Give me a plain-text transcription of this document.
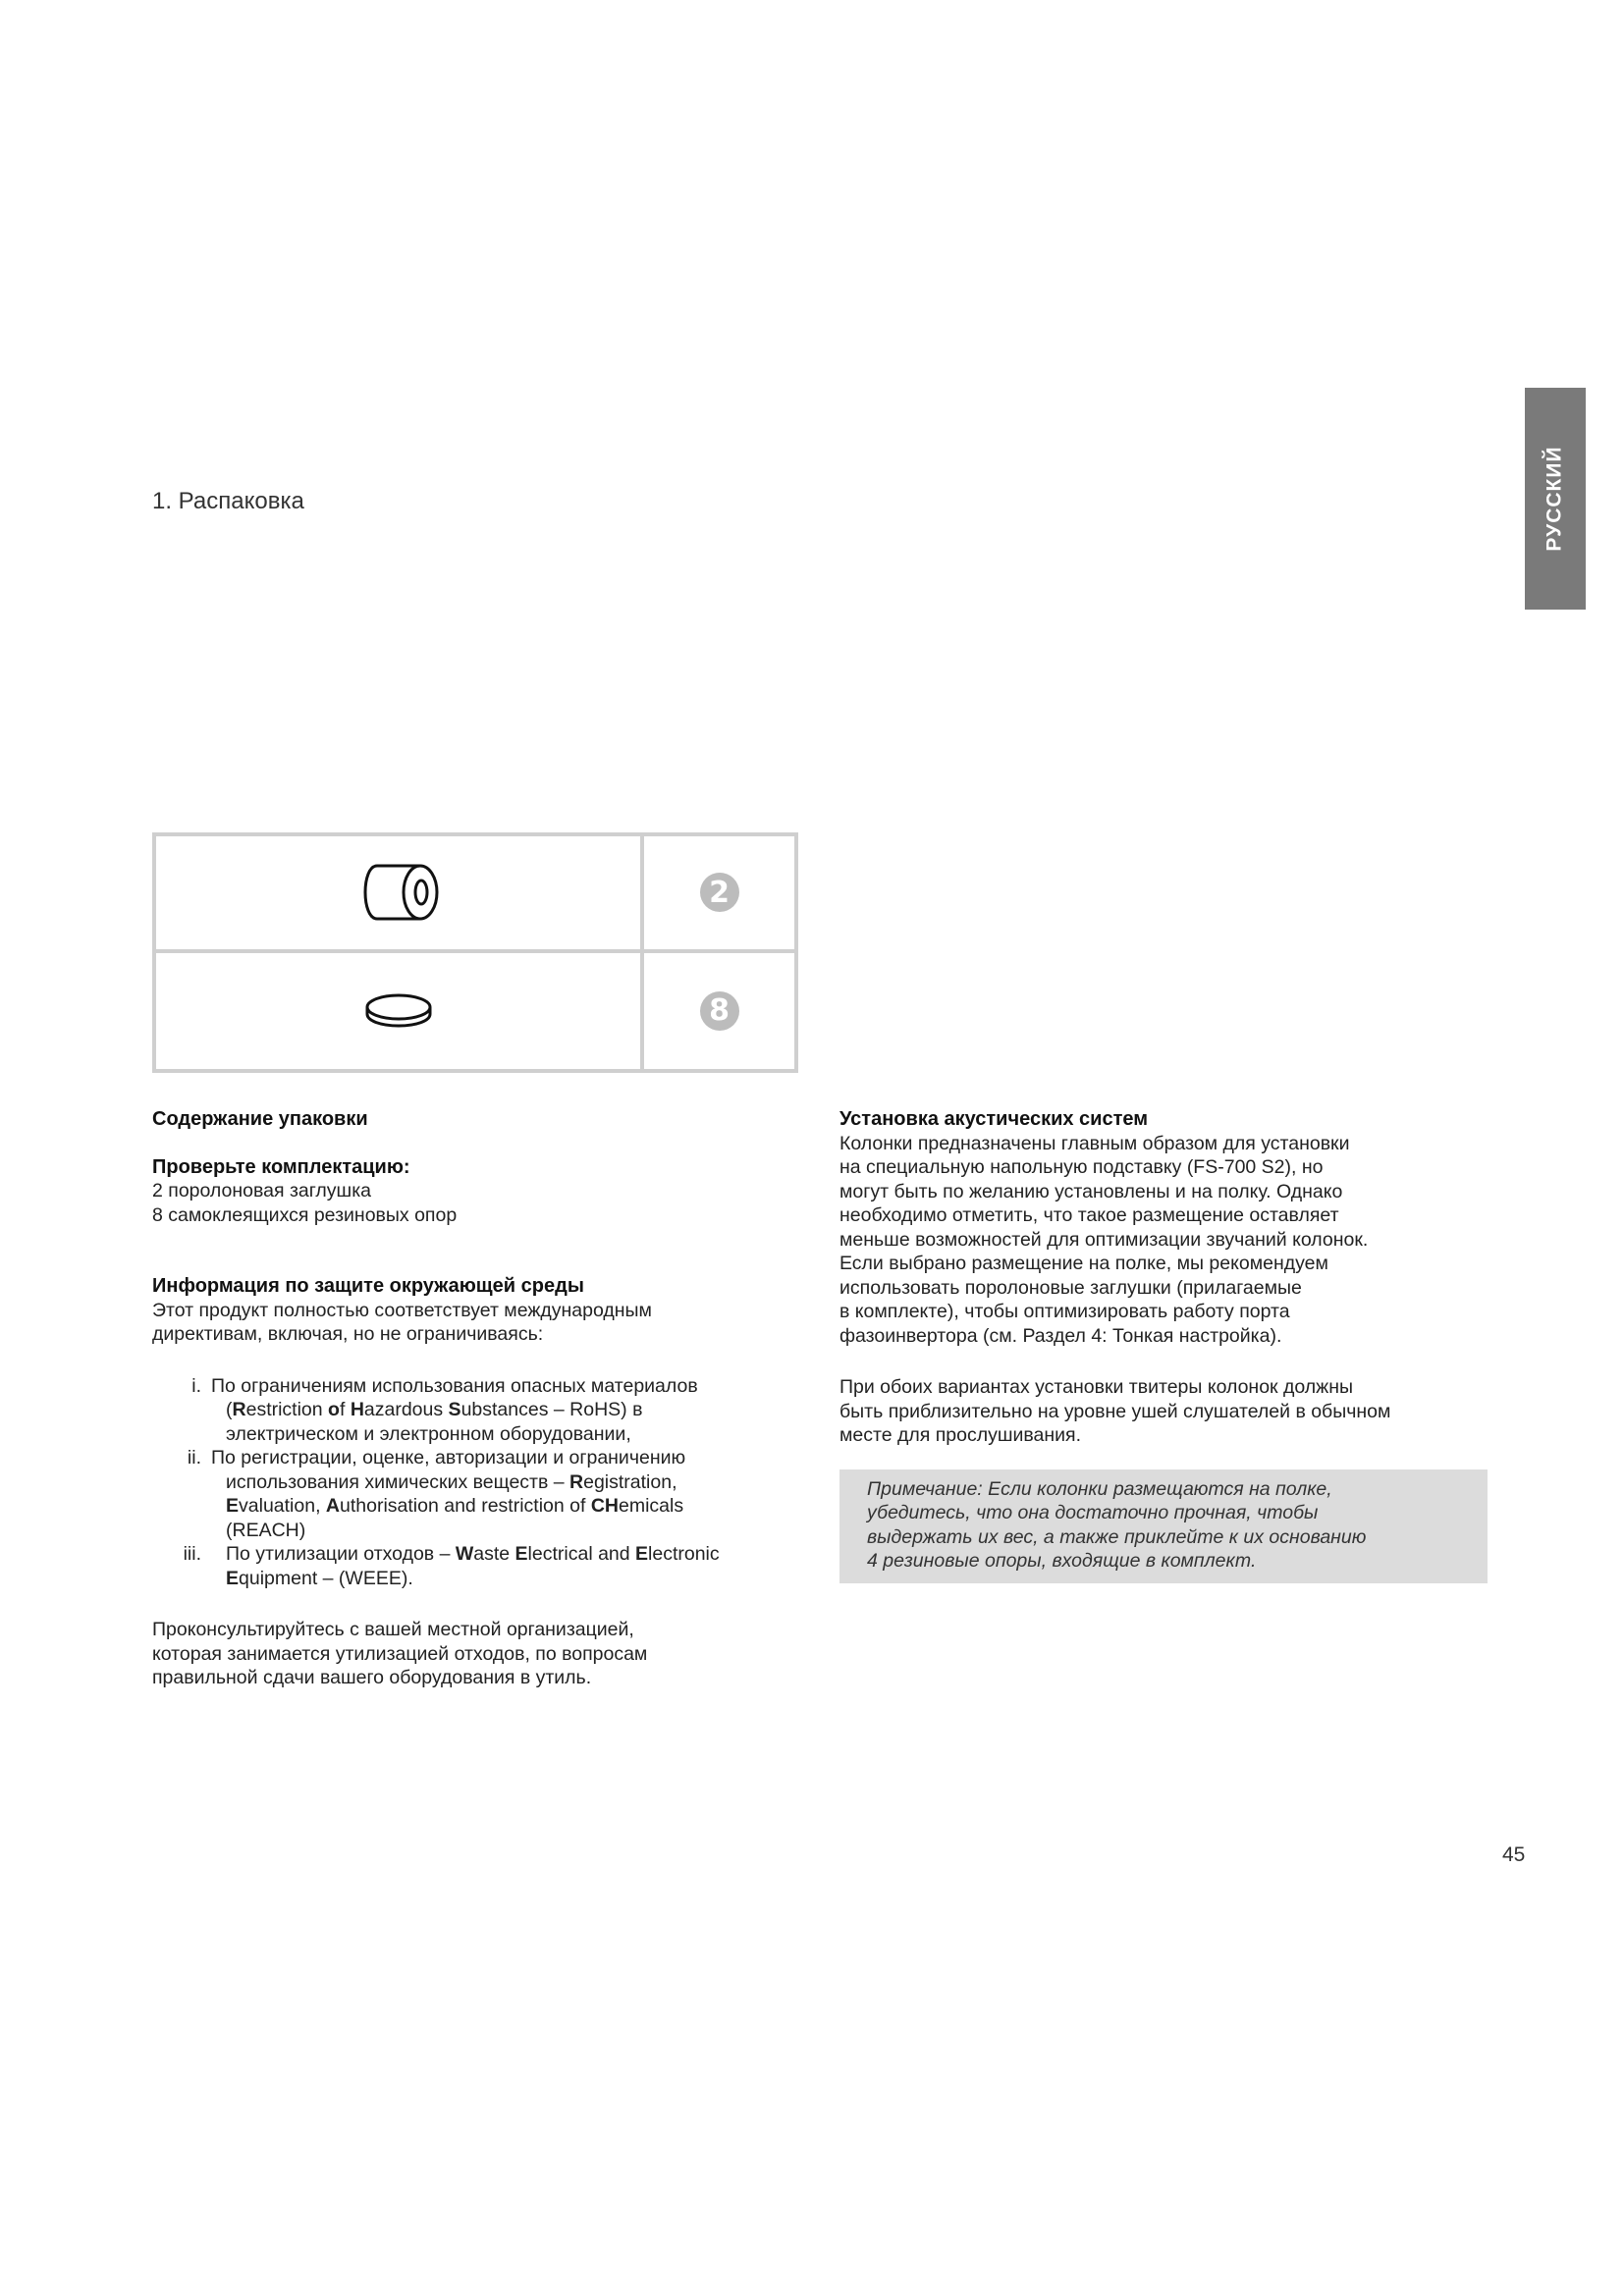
РУССКИЙ
1. Распаковка
2
8
Содержание упаковки
Проверьте комплектацию:

2 поролоновая заглушка

8 самоклеящихся резиновых опор

Информация по защите окружающей среды

Этот продукт полностью соответствует международным

директивам, включая, но не ограничиваясь:

i. По ограничениям использования опасных материалов
(Restriction of Hazardous Substances – RoHS) в
электрическом и электронном оборудовании,
ii. По регистрации, оценке, авторизации и ограничению
использования химических веществ – Registration,
Evaluation, Authorisation and restriction of CHemicals
(REACH)
iii.	По утилизации отходов – Waste Electrical and Electronic
Equipment – (WEEE).

Проконсультируйтесь с вашей местной организацией,

которая занимается утилизацией отходов, по вопросам

правильной сдачи вашего оборудования в утиль.

Установка акустических систем

Колонки предназначены главным образом для установки

на специальную напольную подставку (FS-700 S2), но

могут быть по желанию установлены и на полку. Однако

необходимо отметить, что такое размещение оставляет

меньше возможностей для оптимизации звучаний колонок.

Если выбрано размещение на полке, мы рекомендуем

использовать поролоновые заглушки (прилагаемые

в комплекте), чтобы оптимизировать работу порта

фазоинвертора (см. Раздел 4: Тонкая настройка).

При обоих вариантах установки твитеры колонок должны

быть приблизительно на уровне ушей слушателей в обычном

месте для прослушивания.

Примечание: Если колонки размещаются на полке,

убедитесь, что она достаточно прочная, чтобы

выдержать их вес, а также приклейте к их основанию

4 резиновые опоры, входящие в комплект.

45
